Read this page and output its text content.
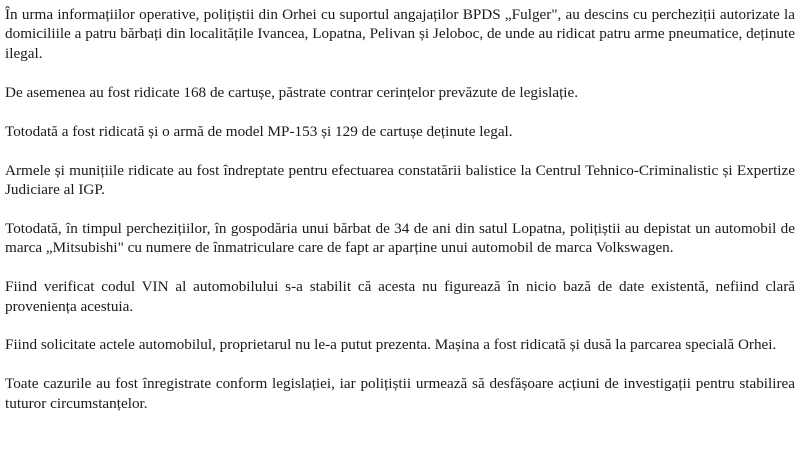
În urma informațiilor operative, polițiștii din Orhei cu suportul angajaților BPDS „Fulger", au descins cu percheziții autorizate la domiciliile a patru bărbați din localitățile Ivancea, Lopatna, Pelivan și Jeloboc, de unde au ridicat patru arme pneumatice, deținute ilegal.

De asemenea au fost ridicate 168 de cartușe, păstrate contrar cerințelor prevăzute de legislație.

Totodată a fost ridicată și o armă de model MP-153 și 129 de cartușe deținute legal.

Armele și munițiile ridicate au fost îndreptate pentru efectuarea constatării balistice la Centrul Tehnico-Criminalistic și Expertize Judiciare al IGP.

Totodată, în timpul perchezițiilor, în gospodăria unui bărbat de 34 de ani din satul Lopatna, polițiștii au depistat un automobil de marca „Mitsubishi" cu numere de înmatriculare care de fapt ar aparține unui automobil de marca Volkswagen.

Fiind verificat codul VIN al automobilului s-a stabilit că acesta nu figurează în nicio bază de date existentă, nefiind clară proveniența acestuia.

Fiind solicitate actele automobilul, proprietarul nu le-a putut prezenta. Mașina a fost ridicată și dusă la parcarea specială Orhei.

Toate cazurile au fost înregistrate conform legislației, iar polițiștii urmează să desfășoare acțiuni de investigații pentru stabilirea tuturor circumstanțelor.
